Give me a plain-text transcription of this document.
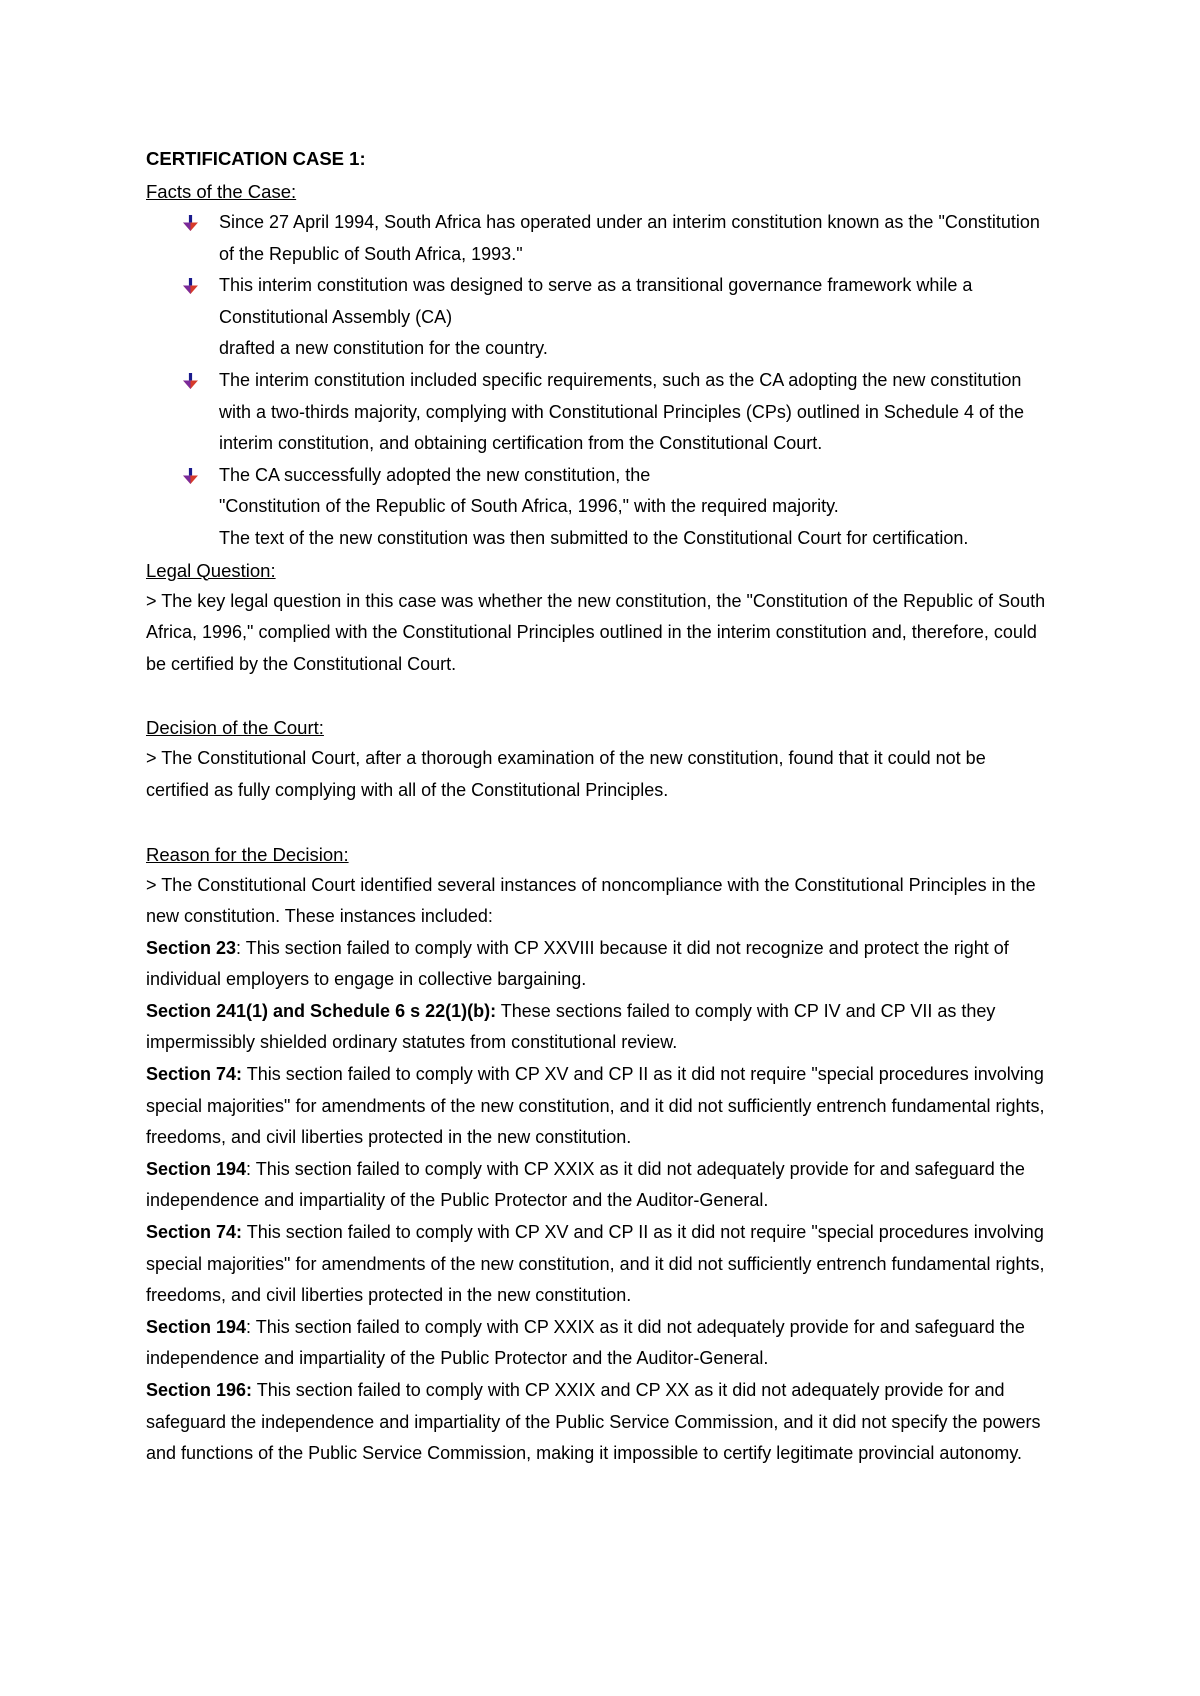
CERTIFICATION CASE 1:
Facts of the Case:
Since 27 April 1994, South Africa has operated under an interim constitution known as the "Constitution
of the Republic of South Africa, 1993."
This interim constitution was designed to serve as a transitional governance framework while a
Constitutional Assembly (CA)
drafted a new constitution for the country.
The interim constitution included specific requirements, such as the CA adopting the new constitution
with a two-thirds majority, complying with Constitutional Principles (CPs) outlined in Schedule 4 of the
interim constitution, and obtaining certification from the Constitutional Court.
The CA successfully adopted the new constitution, the
"Constitution of the Republic of South Africa, 1996," with the required majority.
The text of the new constitution was then submitted to the Constitutional Court for certification.
Legal Question:
> The key legal question in this case was whether the new constitution, the "Constitution of the Republic of South
Africa, 1996," complied with the Constitutional Principles outlined in the interim constitution and, therefore, could
be certified by the Constitutional Court.
Decision of the Court:
> The Constitutional Court, after a thorough examination of the new constitution, found that it could not be
certified as fully complying with all of the Constitutional Principles.
Reason for the Decision:
> The Constitutional Court identified several instances of noncompliance with the Constitutional Principles in the
new constitution. These instances included:
Section 23: This section failed to comply with CP XXVIII because it did not recognize and protect the right of
individual employers to engage in collective bargaining.
Section 241(1) and Schedule 6 s 22(1)(b): These sections failed to comply with CP IV and CP VII as they
impermissibly shielded ordinary statutes from constitutional review.
Section 74: This section failed to comply with CP XV and CP II as it did not require "special procedures involving
special majorities" for amendments of the new constitution, and it did not sufficiently entrench fundamental rights,
freedoms, and civil liberties protected in the new constitution.
Section 194: This section failed to comply with CP XXIX as it did not adequately provide for and safeguard the
independence and impartiality of the Public Protector and the Auditor-General.
Section 74: This section failed to comply with CP XV and CP II as it did not require "special procedures involving
special majorities" for amendments of the new constitution, and it did not sufficiently entrench fundamental rights,
freedoms, and civil liberties protected in the new constitution.
Section 194: This section failed to comply with CP XXIX as it did not adequately provide for and safeguard the
independence and impartiality of the Public Protector and the Auditor-General.
Section 196: This section failed to comply with CP XXIX and CP XX as it did not adequately provide for and
safeguard the independence and impartiality of the Public Service Commission, and it did not specify the powers
and functions of the Public Service Commission, making it impossible to certify legitimate provincial autonomy.
